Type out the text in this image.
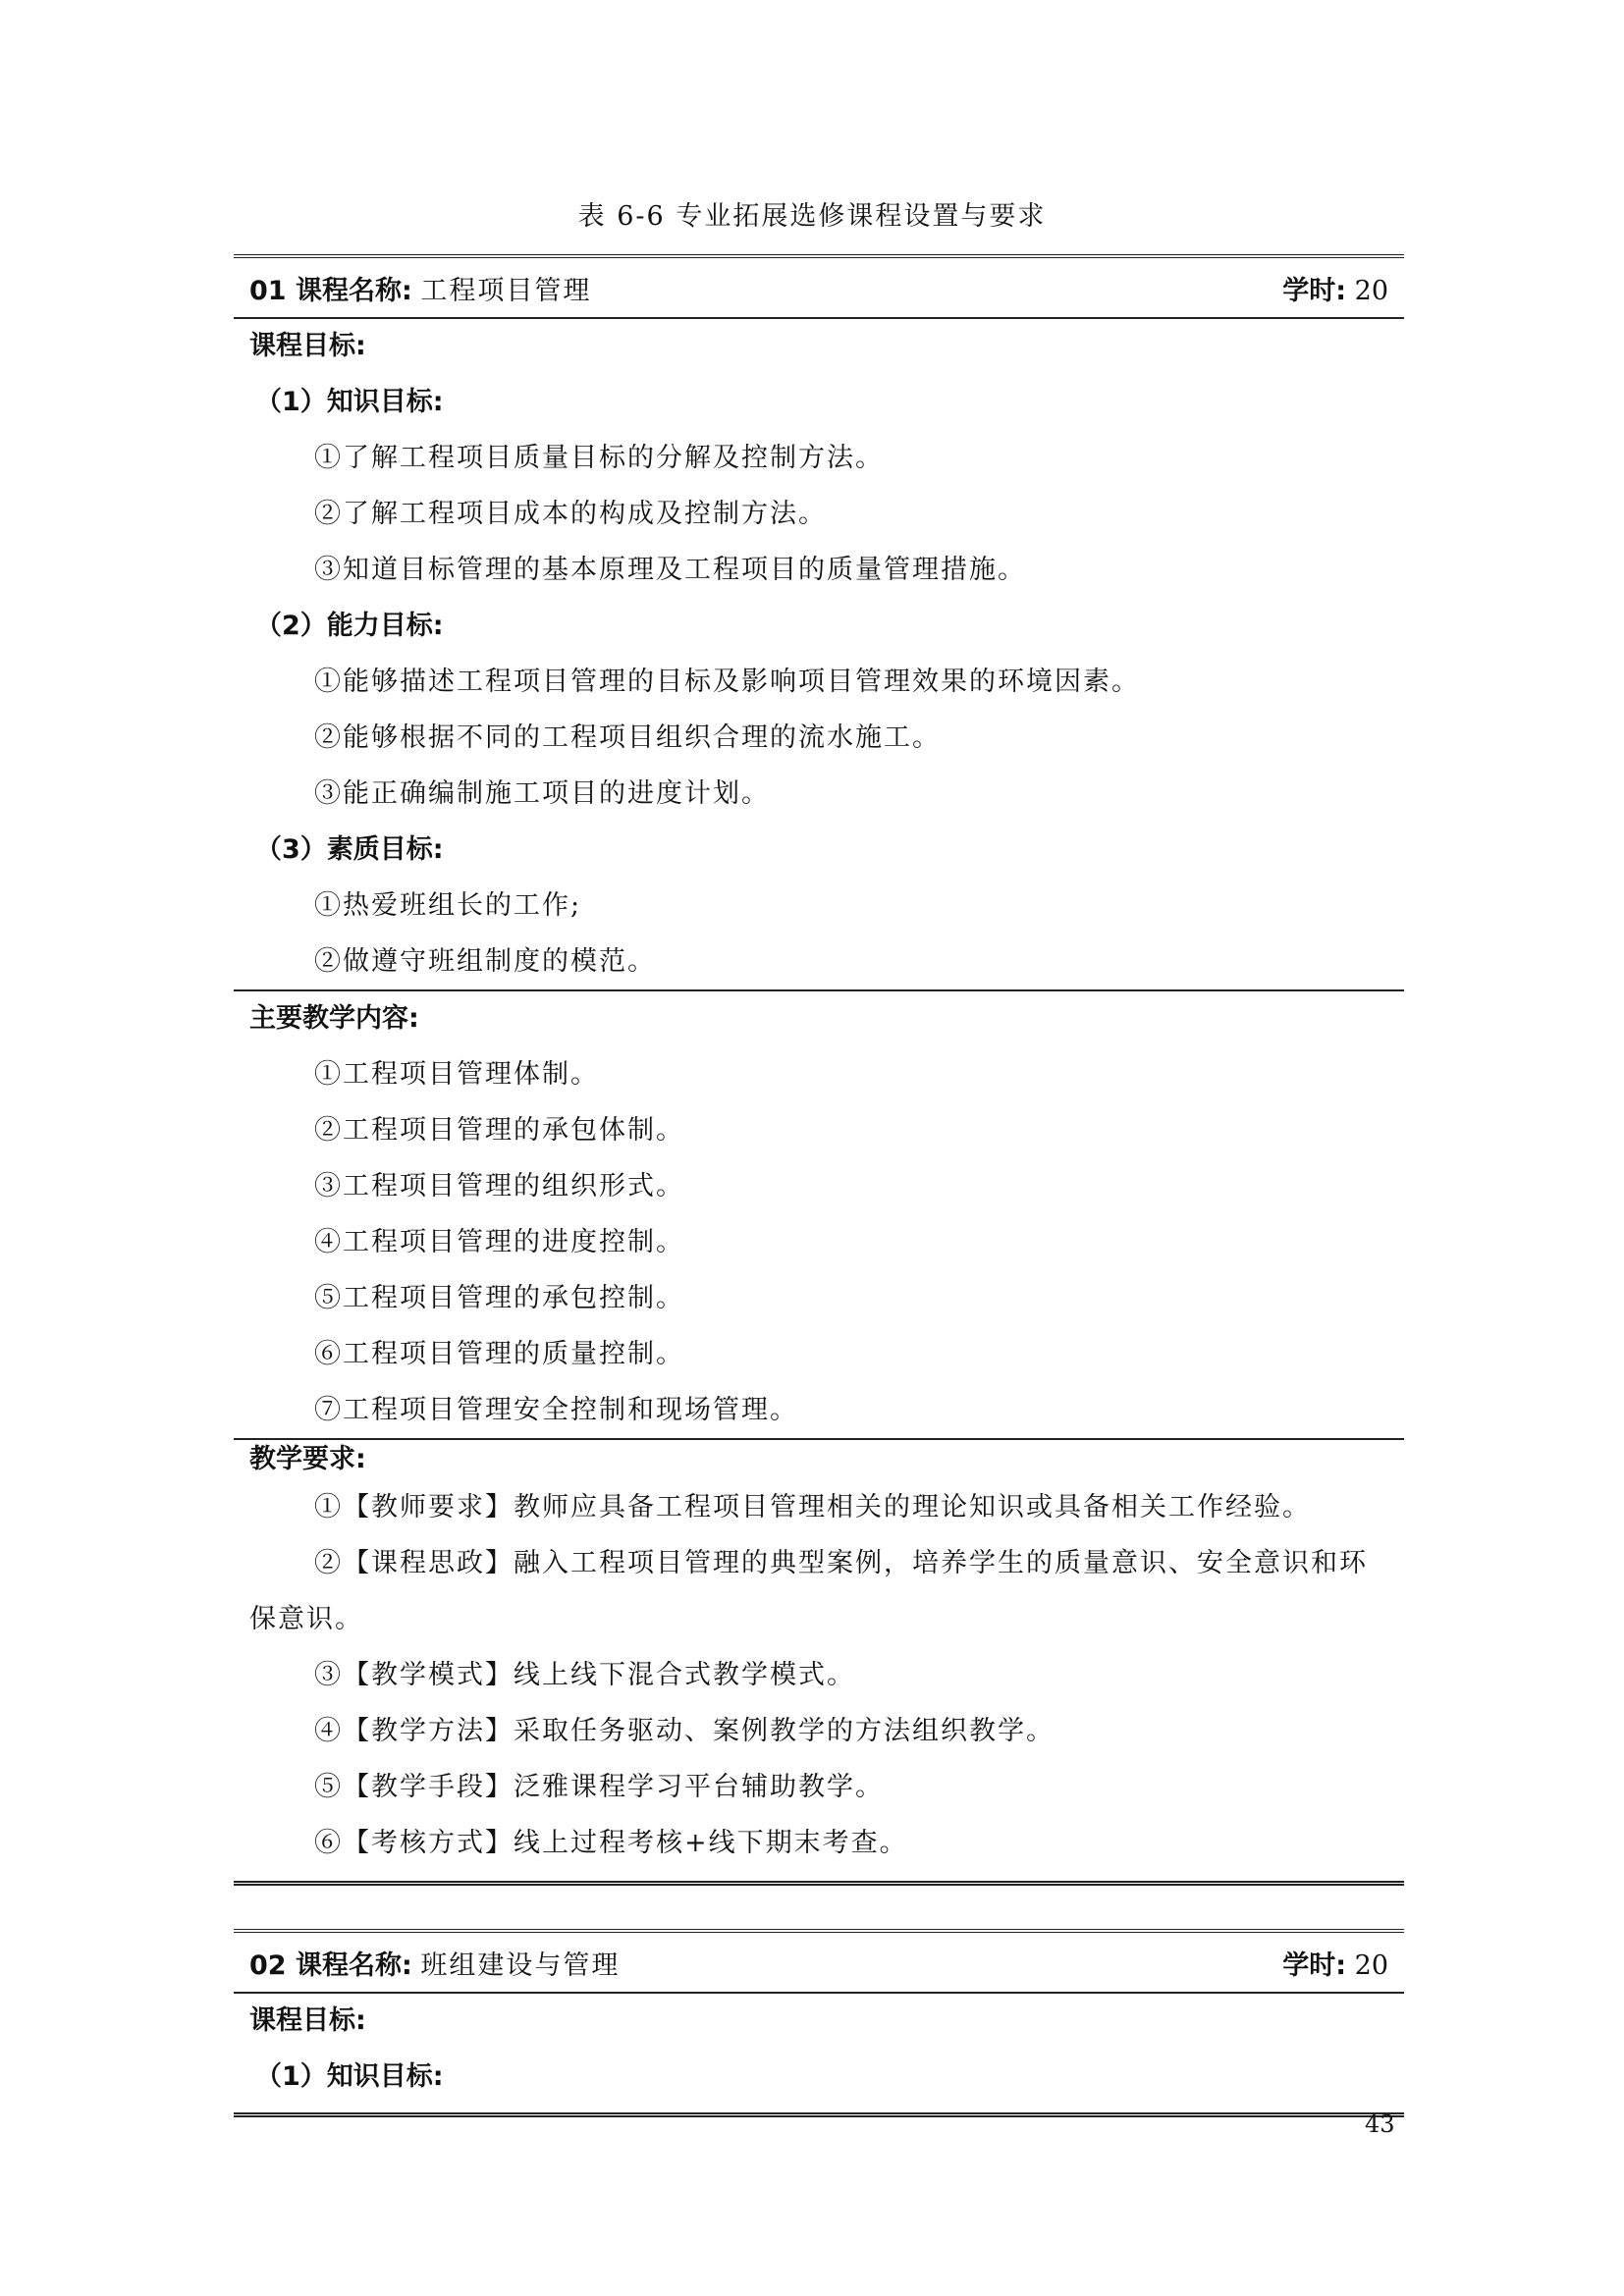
表 6-6 专业拓展选修课程设置与要求
01 课程名称: 工程项目管理	学时: 20
课程目标:
（1）知识目标:
①了解工程项目质量目标的分解及控制方法。
②了解工程项目成本的构成及控制方法。
③知道目标管理的基本原理及工程项目的质量管理措施。
（2）能力目标:
①能够描述工程项目管理的目标及影响项目管理效果的环境因素。
②能够根据不同的工程项目组织合理的流水施工。
③能正确编制施工项目的进度计划。
（3）素质目标:
①热爱班组长的工作;
②做遵守班组制度的模范。
主要教学内容:
①工程项目管理体制。
②工程项目管理的承包体制。
③工程项目管理的组织形式。
④工程项目管理的进度控制。
⑤工程项目管理的承包控制。
⑥工程项目管理的质量控制。
⑦工程项目管理安全控制和现场管理。
教学要求:
①【教师要求】教师应具备工程项目管理相关的理论知识或具备相关工作经验。
②【课程思政】融入工程项目管理的典型案例，培养学生的质量意识、安全意识和环
保意识。
③【教学模式】线上线下混合式教学模式。
④【教学方法】采取任务驱动、案例教学的方法组织教学。
⑤【教学手段】泛雅课程学习平台辅助教学。
⑥【考核方式】线上过程考核+线下期末考查。
02 课程名称: 班组建设与管理	学时: 20
课程目标:
（1）知识目标:
43
